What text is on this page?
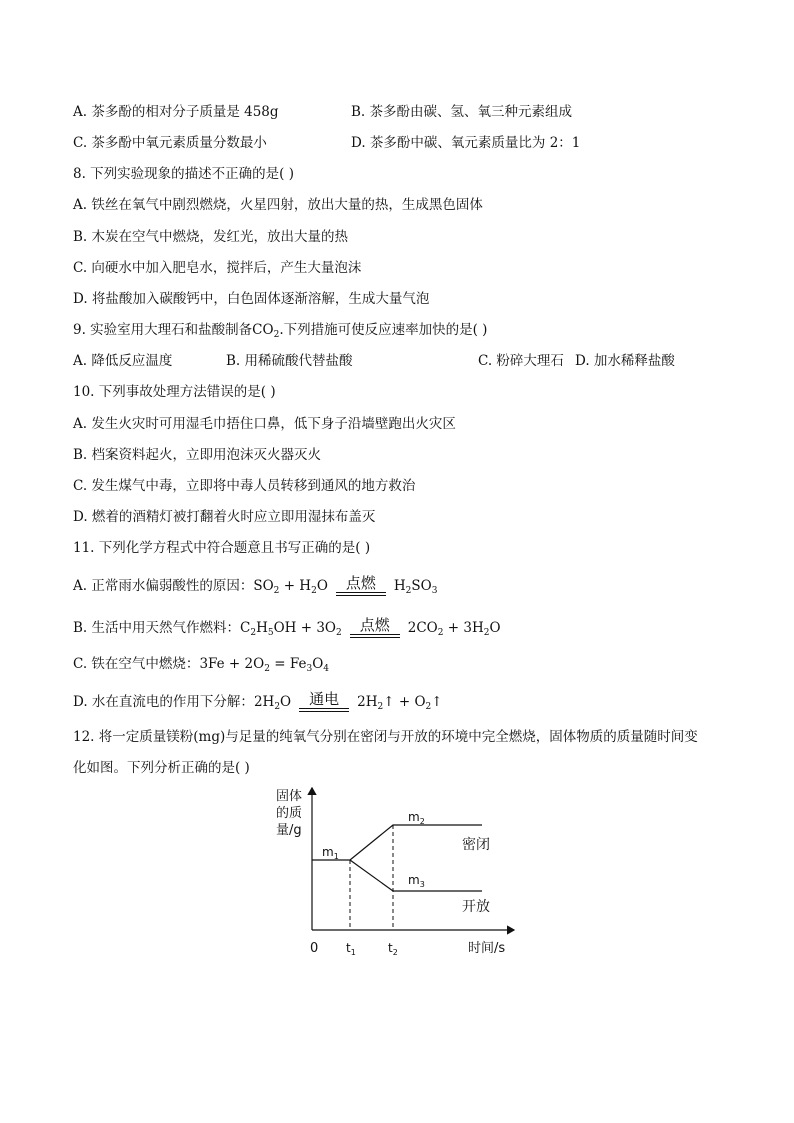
A. 茶多酚的相对分子质量是 458g	B. 茶多酚由碳、氢、氧三种元素组成
C. 茶多酚中氧元素质量分数最小	D. 茶多酚中碳、氧元素质量比为 2：1
8. 下列实验现象的描述不正确的是( )
A. 铁丝在氧气中剧烈燃烧，火星四射，放出大量的热，生成黑色固体
B. 木炭在空气中燃烧，发红光，放出大量的热
C. 向硬水中加入肥皂水，搅拌后，产生大量泡沫
D. 将盐酸加入碳酸钙中，白色固体逐渐溶解，生成大量气泡
9. 实验室用大理石和盐酸制备$CO_2$.下列措施可使反应速率加快的是( )
A. 降低反应温度	B. 用稀硫酸代替盐酸	C. 粉碎大理石 D. 加水稀释盐酸
10. 下列事故处理方法错误的是( )
A. 发生火灾时可用湿毛巾捂住口鼻，低下身子沿墙壁跑出火灾区
B. 档案资料起火，立即用泡沫灭火器灭火
C. 发生煤气中毒，立即将中毒人员转移到通风的地方救治
D. 燃着的酒精灯被打翻着火时应立即用湿抹布盖灭
11. 下列化学方程式中符合题意且书写正确的是( )
A. 正常雨水偏弱酸性的原因：$SO_2 + H_2O$	点燃	$H_2SO_3$
B. 生活中用天然气作燃料：$C_2H_5OH + 3O_2$	点燃	$2CO_2 + 3H_2O$
C. 铁在空气中燃烧：$3Fe + 2O_2 = Fe_3O_4$
D. 水在直流电的作用下分解：$2H_2O$	通电	$2H_2↑$ + $O_2↑$
12. 将一定质量镁粉(mg)与足量的纯氧气分别在密闭与开放的环境中完全燃烧，固体物质的质量随时间变
化如图。下列分析正确的是( )
固体的质量/g
$m_1$
$m_2$
$m_3$
密闭
开放
0 $t_1$	$t_2$	时间/s
